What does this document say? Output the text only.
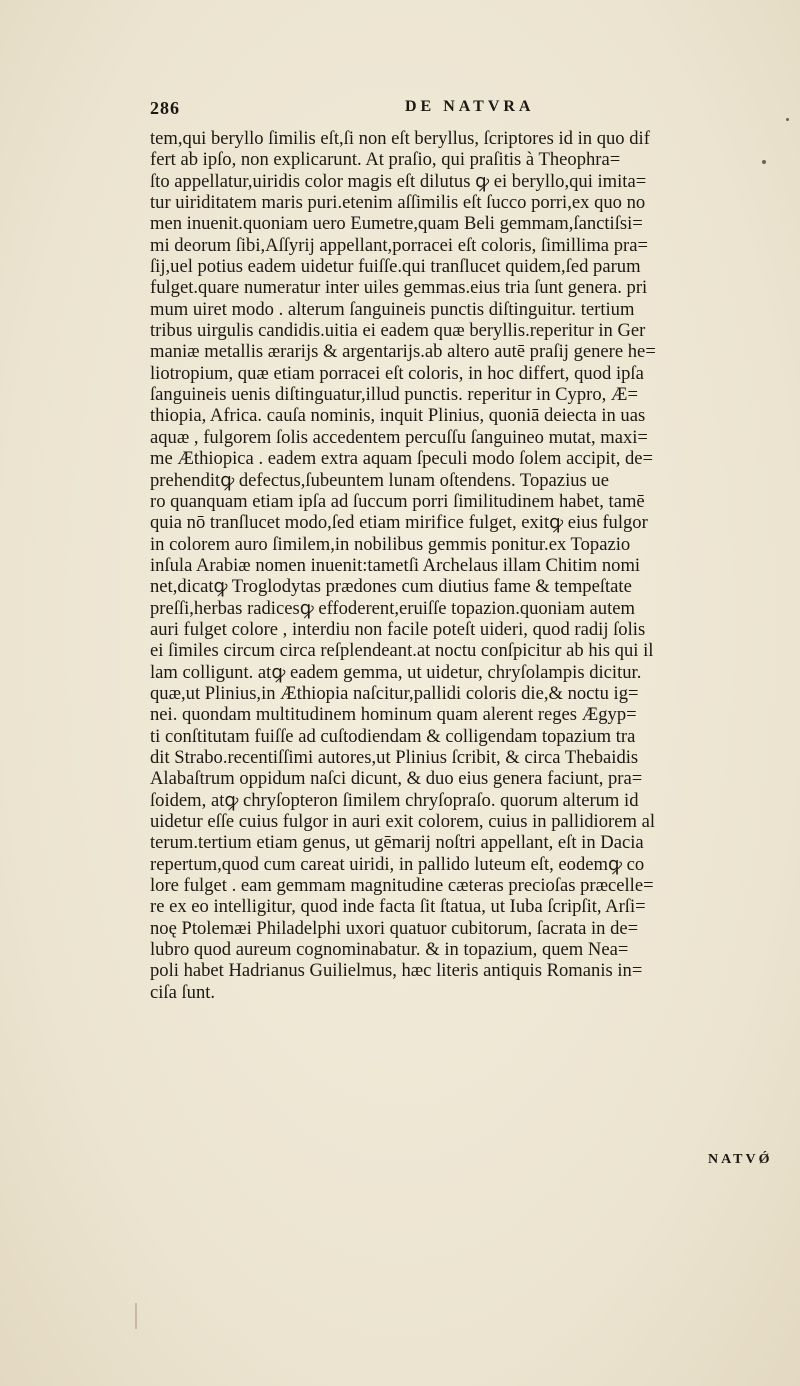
286	DE NATVRA
tem,qui beryllo ſimilis eſt,ſi non eſt beryllus, ſcriptores id in quo dif
fert ab ipſo, non explicarunt. At praſio, qui praſitis à Theophra=
ſto appellatur,uiridis color magis eſt dilutus ꝙ ei beryllo,qui imita=
tur uiriditatem maris puri.etenim aſſimilis eſt ſucco porri,ex quo no
men inuenit.quoniam uero Eumetre,quam Beli gemmam,ſanctiſsi=
mi deorum ſibi,Aſſyrij appellant,porracei eſt coloris, ſimillima pra=
ſij,uel potius eadem uidetur fuiſſe.qui tranſlucet quidem,ſed parum
fulget.quare numeratur inter uiles gemmas.eius tria ſunt genera. pri
mum uiret modo . alterum ſanguineis punctis diſtinguitur. tertium
tribus uirgulis candidis.uitia ei eadem quæ beryllis.reperitur in Ger
maniæ metallis ærarijs & argentarijs.ab altero autē praſij genere he=
liotropium, quæ etiam porracei eſt coloris, in hoc differt, quod ipſa
ſanguineis uenis diſtinguatur,illud punctis. reperitur in Cypro, Æ=
thiopia, Africa. cauſa nominis, inquit Plinius, quoniā deiecta in uas
aquæ , fulgorem ſolis accedentem percuſſu ſanguineo mutat, maxi=
me Æthiopica . eadem extra aquam ſpeculi modo ſolem accipit, de=
prehenditꝙ defectus,ſubeuntem lunam oſtendens. Topazius ue
ro quanquam etiam ipſa ad ſuccum porri ſimilitudinem habet, tamē
quia nō tranſlucet modo,ſed etiam mirifice fulget, exitꝙ eius fulgor
in colorem auro ſimilem,in nobilibus gemmis ponitur.ex Topazio
inſula Arabiæ nomen inuenit:tametſi Archelaus illam Chitim nomi
net,dicatꝙ Troglodytas prædones cum diutius fame & tempeſtate
preſſi,herbas radicesꝙ effoderent,eruiſſe topazion.quoniam autem
auri fulget colore , interdiu non facile poteſt uideri, quod radij ſolis
ei ſimiles circum circa reſplendeant.at noctu conſpicitur ab his qui il
lam colligunt. atꝙ eadem gemma, ut uidetur, chryſolampis dicitur.
quæ,ut Plinius,in Æthiopia naſcitur,pallidi coloris die,& noctu ig=
nei. quondam multitudinem hominum quam alerent reges Ægyp=
ti conſtitutam fuiſſe ad cuſtodiendam & colligendam topazium tra
dit Strabo.recentiſſimi autores,ut Plinius ſcribit, & circa Thebaidis
Alabaſtrum oppidum naſci dicunt, & duo eius genera faciunt, pra=
ſoidem, atꝙ chryſopteron ſimilem chryſopraſo. quorum alterum id
uidetur eſſe cuius fulgor in auri exit colorem, cuius in pallidiorem al
terum.tertium etiam genus, ut gēmarij noſtri appellant, eſt in Dacia
repertum,quod cum careat uiridi, in pallido luteum eſt, eodemꝙ co
lore fulget . eam gemmam magnitudine cæteras precioſas præcelle=
re ex eo intelligitur, quod inde facta ſit ſtatua, ut Iuba ſcripſit, Arſi=
noę Ptolemæi Philadelphi uxori quatuor cubitorum, ſacrata in de=
lubro quod aureum cognominabatur. & in topazium, quem Nea=
poli habet Hadrianus Guilielmus, hæc literis antiquis Romanis in=
ciſa ſunt.
NATVǾ
